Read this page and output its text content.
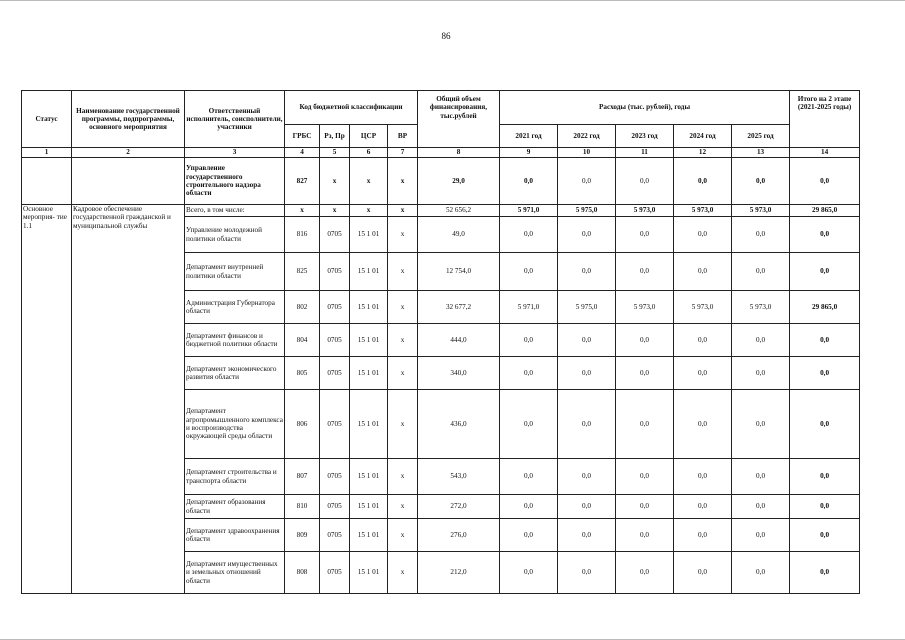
86
Статус	Наименование государственной программы, подпрограммы, основного мероприятия	Ответственный исполнитель, соисполнители, участники	Код бюджетной классификации				Общий объем финансирования, тыс.рублей	Расходы (тыс. рублей), годы					Итого на 2 этапе (2021-2025 годы)
			ГРБС	Рз, Пр	ЦСР	ВР		2021 год	2022 год	2023 год	2024 год	2025 год	
1	2	3	4	5	6	7	8	9	10	11	12	13	14
		Управление государственного строительного надзора области	827	х	х	х	29,0	0,0	0,0	0,0	0,0	0,0	0,0
Основное мероприя- тие 1.1	Кадровое обеспечение государственной гражданской и муниципальной службы	Всего, в том числе:	х	х	х	х	52 656,2	5 971,0	5 975,0	5 973,0	5 973,0	5 973,0	29 865,0
		Управление молодежной политики области	816	0705	15 1 01	х	49,0	0,0	0,0	0,0	0,0	0,0	0,0
		Департамент внутренней политики области	825	0705	15 1 01	х	12 754,0	0,0	0,0	0,0	0,0	0,0	0,0
		Администрация Губернатора области	802	0705	15 1 01	х	32 677,2	5 971,0	5 975,0	5 973,0	5 973,0	5 973,0	29 865,0
		Департамент финансов и бюджетной политики области	804	0705	15 1 01	х	444,0	0,0	0,0	0,0	0,0	0,0	0,0
		Департамент экономического развития области	805	0705	15 1 01	х	340,0	0,0	0,0	0,0	0,0	0,0	0,0
		Департамент агропромышленного комплекса и воспроизводства окружающей среды области	806	0705	15 1 01	х	436,0	0,0	0,0	0,0	0,0	0,0	0,0
		Департамент строительства и транспорта области	807	0705	15 1 01	х	543,0	0,0	0,0	0,0	0,0	0,0	0,0
		Департамент образования области	810	0705	15 1 01	х	272,0	0,0	0,0	0,0	0,0	0,0	0,0
		Департамент здравоохранения области	809	0705	15 1 01	х	276,0	0,0	0,0	0,0	0,0	0,0	0,0
		Департамент имущественных и земельных отношений области	808	0705	15 1 01	х	212,0	0,0	0,0	0,0	0,0	0,0	0,0
